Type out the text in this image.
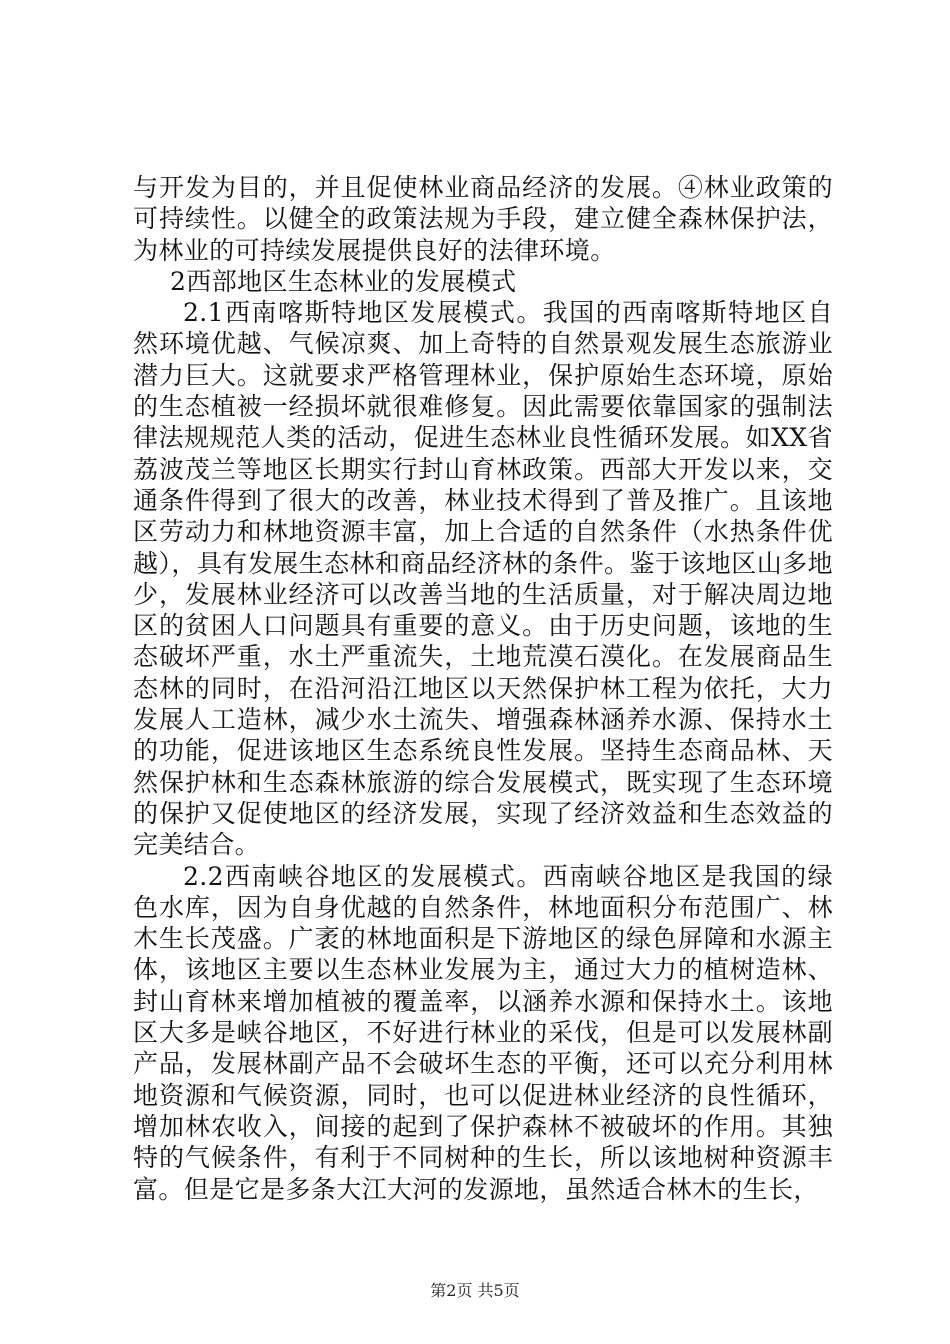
与开发为目的，并且促使林业商品经济的发展。④林业政策的可持续性。以健全的政策法规为手段，建立健全森林保护法，为林业的可持续发展提供良好的法律环境。

2西部地区生态林业的发展模式

2.1西南喀斯特地区发展模式。我国的西南喀斯特地区自然环境优越、气候凉爽、加上奇特的自然景观发展生态旅游业潜力巨大。这就要求严格管理林业，保护原始生态环境，原始的生态植被一经损坏就很难修复。因此需要依靠国家的强制法律法规规范人类的活动，促进生态林业良性循环发展。如XX省荔波茂兰等地区长期实行封山育林政策。西部大开发以来，交通条件得到了很大的改善，林业技术得到了普及推广。且该地区劳动力和林地资源丰富，加上合适的自然条件（水热条件优越），具有发展生态林和商品经济林的条件。鉴于该地区山多地少，发展林业经济可以改善当地的生活质量，对于解决周边地区的贫困人口问题具有重要的意义。由于历史问题，该地的生态破坏严重，水土严重流失，土地荒漠石漠化。在发展商品生态林的同时，在沿河沿江地区以天然保护林工程为依托，大力发展人工造林，减少水土流失、增强森林涵养水源、保持水土的功能，促进该地区生态系统良性发展。坚持生态商品林、天然保护林和生态森林旅游的综合发展模式，既实现了生态环境的保护又促使地区的经济发展，实现了经济效益和生态效益的完美结合。

2.2西南峡谷地区的发展模式。西南峡谷地区是我国的绿色水库，因为自身优越的自然条件，林地面积分布范围广、林木生长茂盛。广袤的林地面积是下游地区的绿色屏障和水源主体，该地区主要以生态林业发展为主，通过大力的植树造林、封山育林来增加植被的覆盖率，以涵养水源和保持水土。该地区大多是峡谷地区，不好进行林业的采伐，但是可以发展林副产品，发展林副产品不会破坏生态的平衡，还可以充分利用林地资源和气候资源，同时，也可以促进林业经济的良性循环，增加林农收入，间接的起到了保护森林不被破坏的作用。其独特的气候条件，有利于不同树种的生长，所以该地树种资源丰富。但是它是多条大江大河的发源地，虽然适合林木的生长，

第2页 共5页
